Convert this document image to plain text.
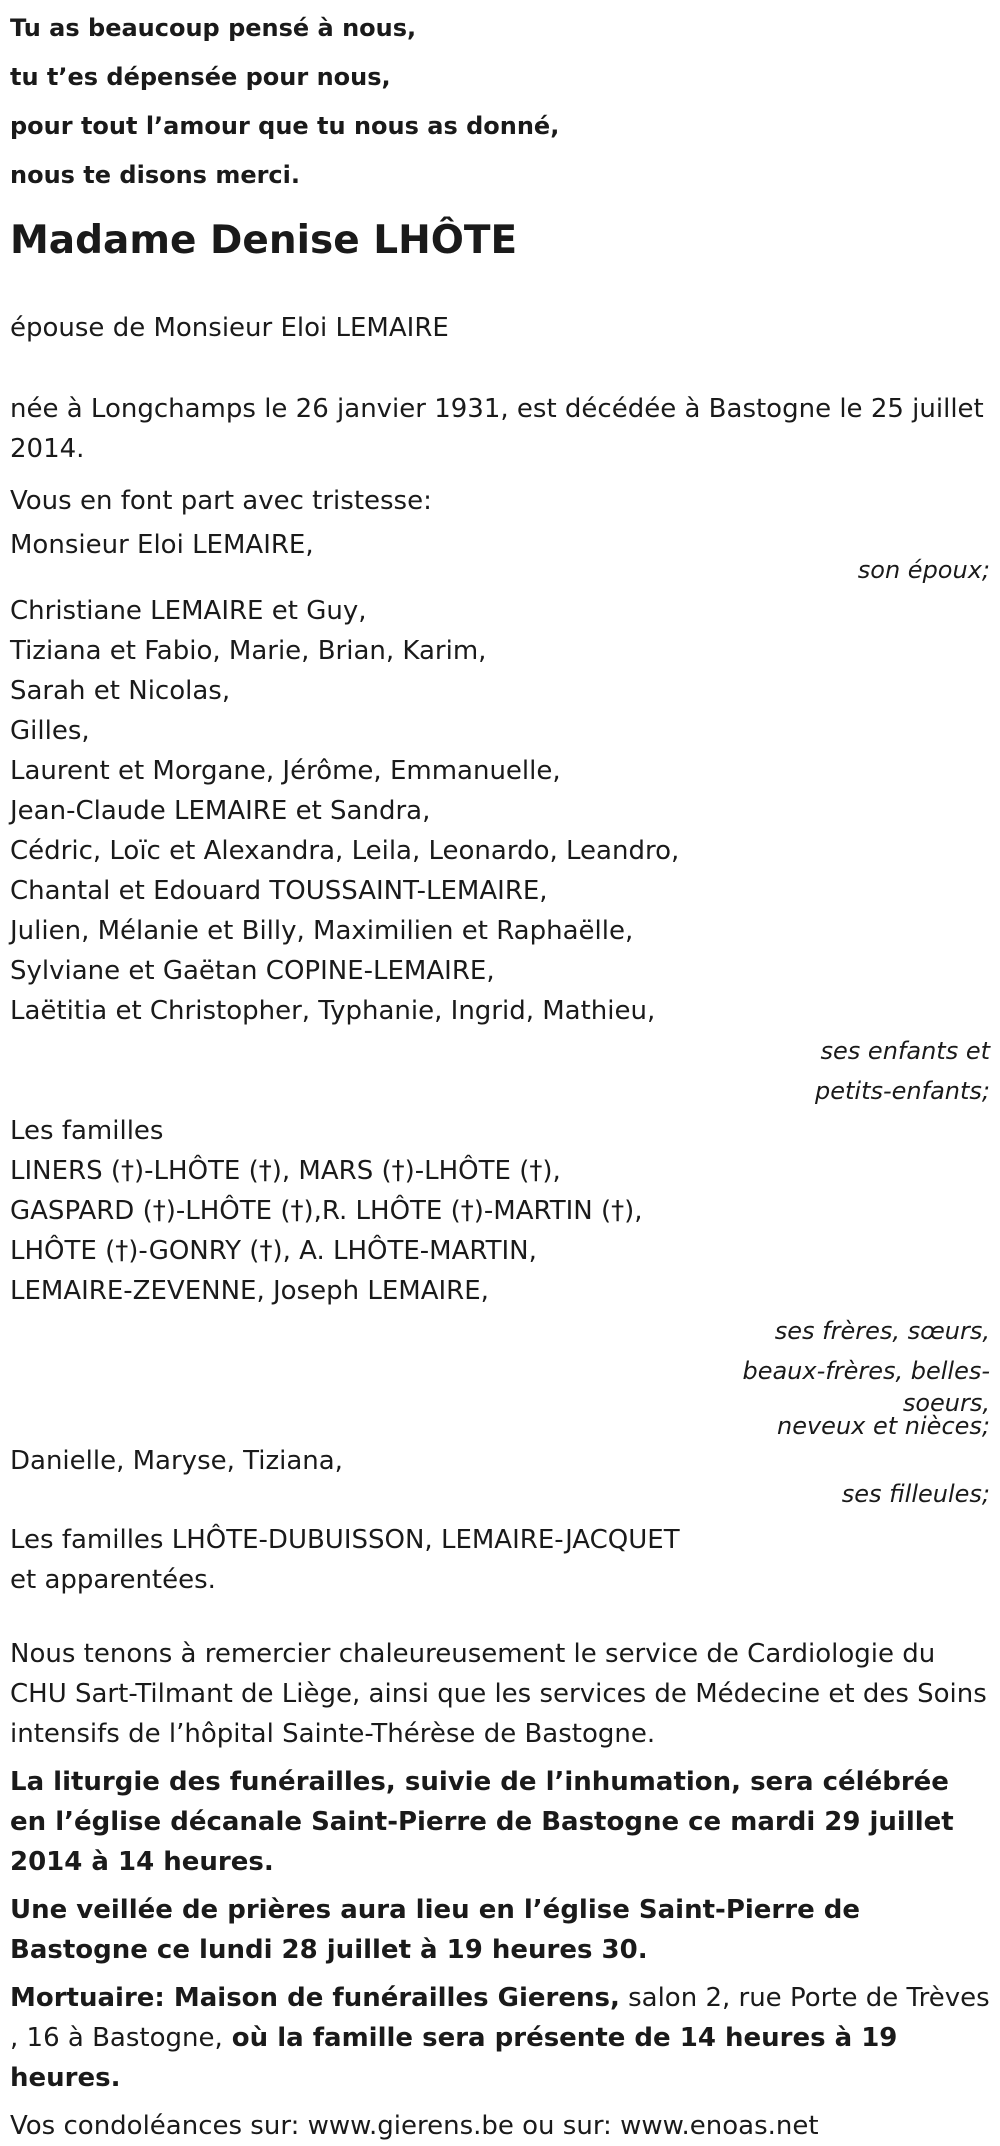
Tu as beaucoup pensé à nous,
tu t’es dépensée pour nous,
pour tout l’amour que tu nous as donné,
nous te disons merci.
Madame Denise LHÔTE

épouse de Monsieur Eloi LEMAIRE

née à Longchamps le 26 janvier 1931, est décédée à Bastogne le 25 juillet 2014.

Vous en font part avec tristesse:

Monsieur Eloi LEMAIRE,
son époux;
Christiane LEMAIRE et Guy,
Tiziana et Fabio, Marie, Brian, Karim,
Sarah et Nicolas,
Gilles,
Laurent et Morgane, Jérôme, Emmanuelle,
Jean-Claude LEMAIRE et Sandra,
Cédric, Loïc et Alexandra, Leila, Leonardo, Leandro,
Chantal et Edouard TOUSSAINT-LEMAIRE,
Julien, Mélanie et Billy, Maximilien et Raphaëlle,
Sylviane et Gaëtan COPINE-LEMAIRE,
Laëtitia et Christopher, Typhanie, Ingrid, Mathieu,
ses enfants et
petits-enfants;
Les familles
LINERS (†)-LHÔTE (†), MARS (†)-LHÔTE (†),
GASPARD (†)-LHÔTE (†),R. LHÔTE (†)-MARTIN (†),
LHÔTE (†)-GONRY (†), A. LHÔTE-MARTIN,
LEMAIRE-ZEVENNE, Joseph LEMAIRE,
ses frères, sœurs,
beaux-frères, belles-
soeurs,
neveux et nièces;
Danielle, Maryse, Tiziana,
ses filleules;
Les familles LHÔTE-DUBUISSON, LEMAIRE-JACQUET
et apparentées.

Nous tenons à remercier chaleureusement le service de Cardiologie du CHU Sart-Tilmant de Liège, ainsi que les services de Médecine et des Soins intensifs de l’hôpital Sainte-Thérèse de Bastogne.

La liturgie des funérailles, suivie de l’inhumation, sera célébrée en l’église décanale Saint-Pierre de Bastogne ce mardi 29 juillet 2014 à 14 heures.

Une veillée de prières aura lieu en l’église Saint-Pierre de Bastogne ce lundi 28 juillet à 19 heures 30.

Mortuaire: Maison de funérailles Gierens, salon 2, rue Porte de Trèves , 16 à Bastogne, où la famille sera présente de 14 heures à 19 heures.

Vos condoléances sur: www.gierens.be ou sur: www.enoas.net
